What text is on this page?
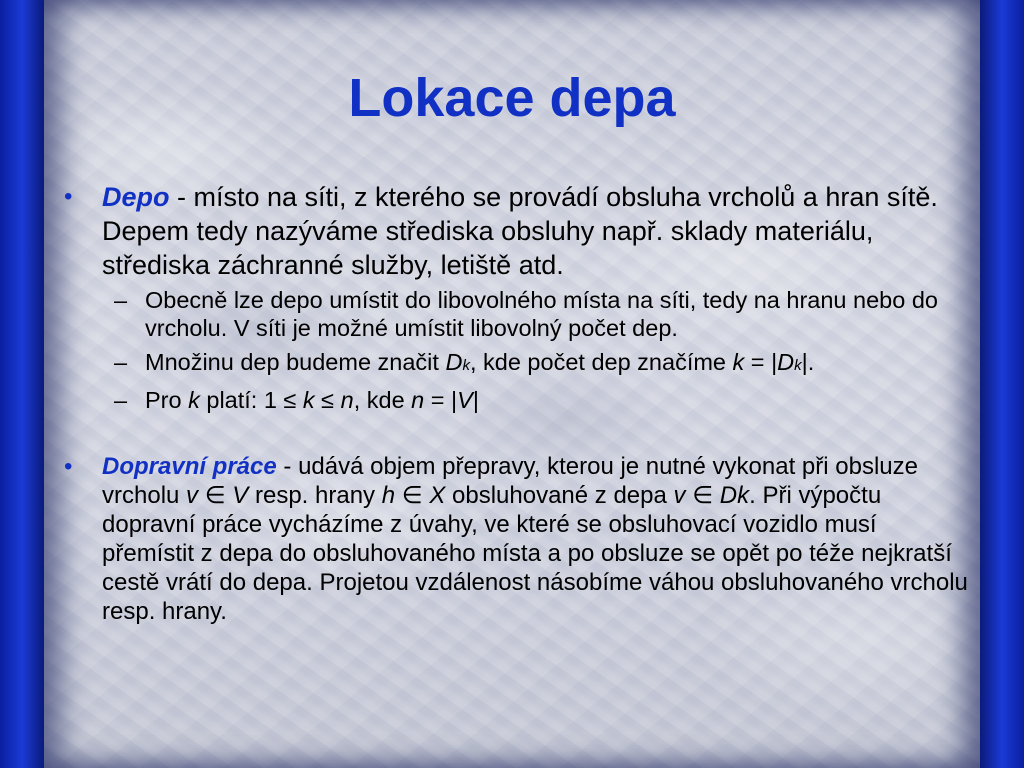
Lokace depa

• Depo - místo na síti, z kterého se provádí obsluha vrcholů a hran sítě. Depem tedy nazýváme střediska obsluhy např. sklady materiálu, střediska záchranné služby, letiště atd.

– Obecně lze depo umístit do libovolného místa na síti, tedy na hranu nebo do vrcholu. V síti je možné umístit libovolný počet dep.

– Množinu dep budeme značit Dk, kde počet dep značíme k = |Dk|.

– Pro k platí: 1 ≤ k ≤ n, kde n = |V|

• Dopravní práce - udává objem přepravy, kterou je nutné vykonat při obsluze vrcholu v ∈ V resp. hrany h ∈ X obsluhované z depa v ∈ Dk. Při výpočtu dopravní práce vycházíme z úvahy, ve které se obsluhovací vozidlo musí přemístit z depa do obsluhovaného místa a po obsluze se opět po téže nejkratší cestě vrátí do depa. Projetou vzdálenost násobíme váhou obsluhovaného vrcholu resp. hrany.
